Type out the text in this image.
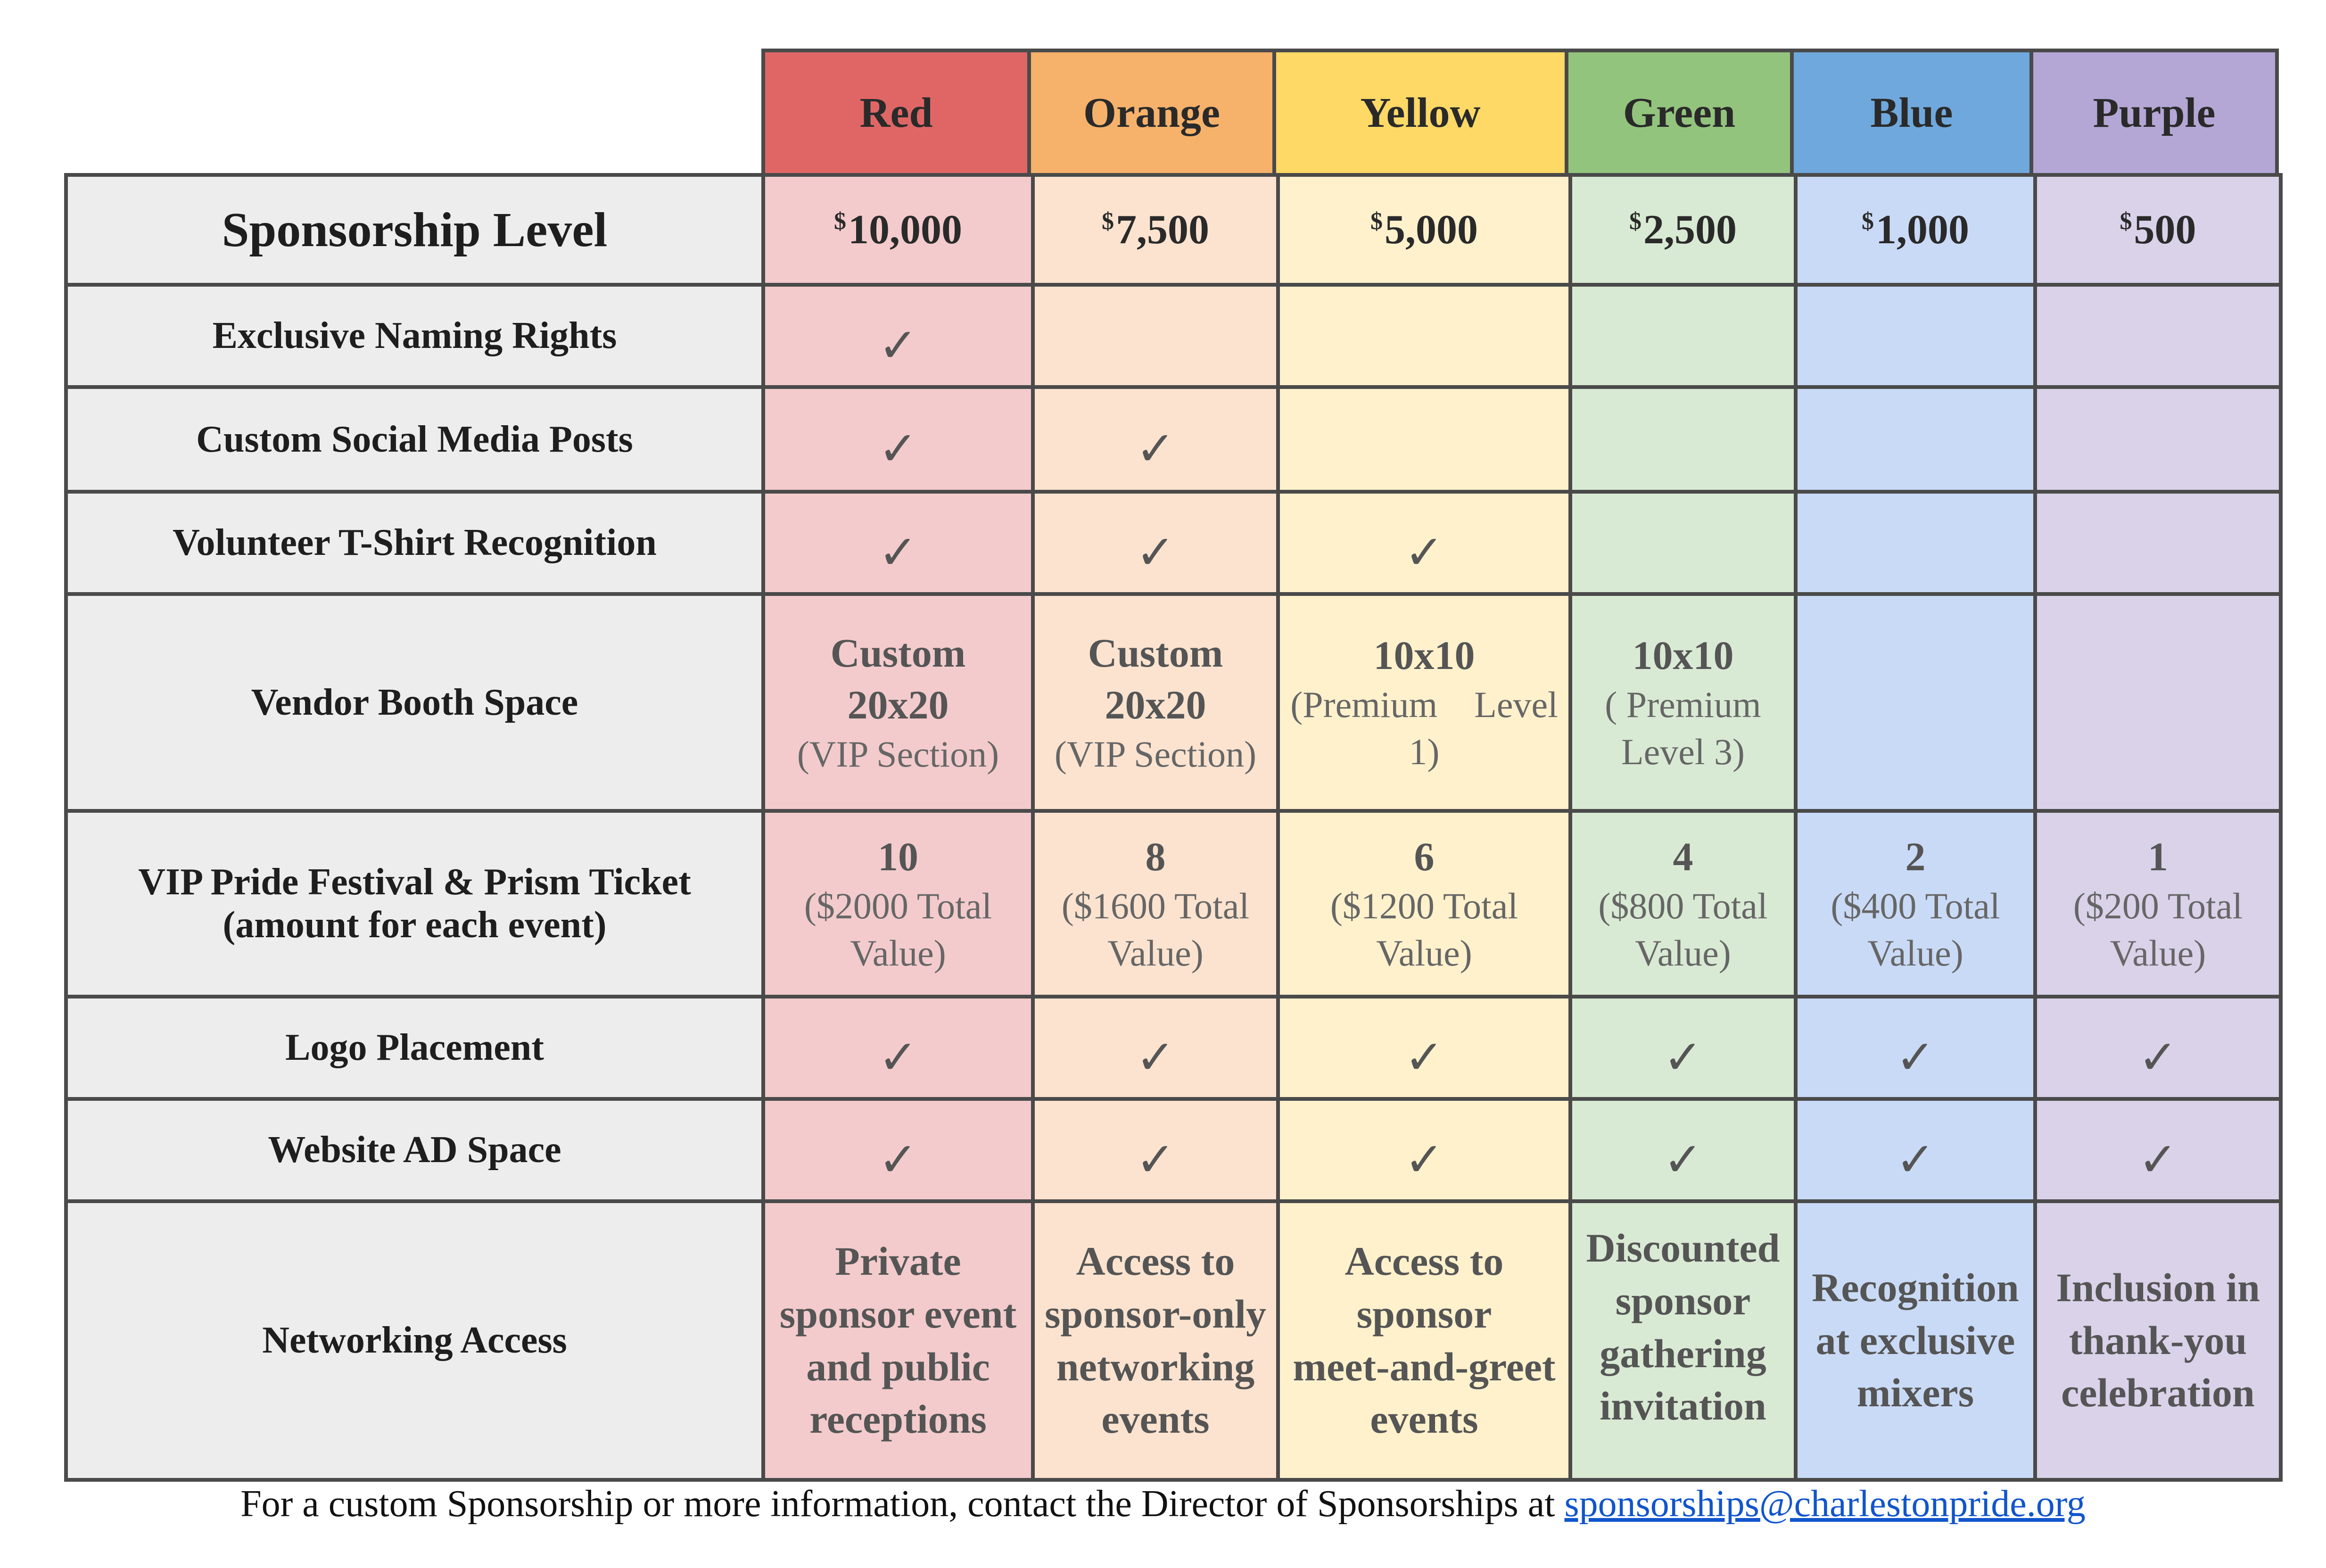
Red	Orange	Yellow	Green	Blue	Purple
Sponsorship Level	$10,000	$7,500	$5,000	$2,500	$1,000	$500
Exclusive Naming Rights	✓					
Custom Social Media Posts	✓	✓				
Volunteer T-Shirt Recognition	✓	✓	✓			
Vendor Booth Space	Custom
20x20
(VIP Section)	Custom
20x20
(VIP Section)	10x10
(Premium    Level
1)	10x10
( Premium
Level 3)		

VIP Pride Festival & Prism Ticket
(amount for each event)	10
($2000 Total
Value)	8
($1600 Total
Value)	6
($1200 Total
Value)	4
($800 Total
Value)	2
($400 Total
Value)	1
($200 Total
Value)

Logo Placement	✓	✓	✓	✓	✓	✓
Website AD Space	✓	✓	✓	✓	✓	✓
Networking Access	Private
sponsor event
and public
receptions	Access to
sponsor-only
networking
events	Access to
sponsor
meet-and-greet
events	Discounted
sponsor
gathering
invitation	Recognition
at exclusive
mixers	Inclusion in
thank-you
celebration
For a custom Sponsorship or more information, contact the Director of Sponsorships at sponsorships@charlestonpride.org
